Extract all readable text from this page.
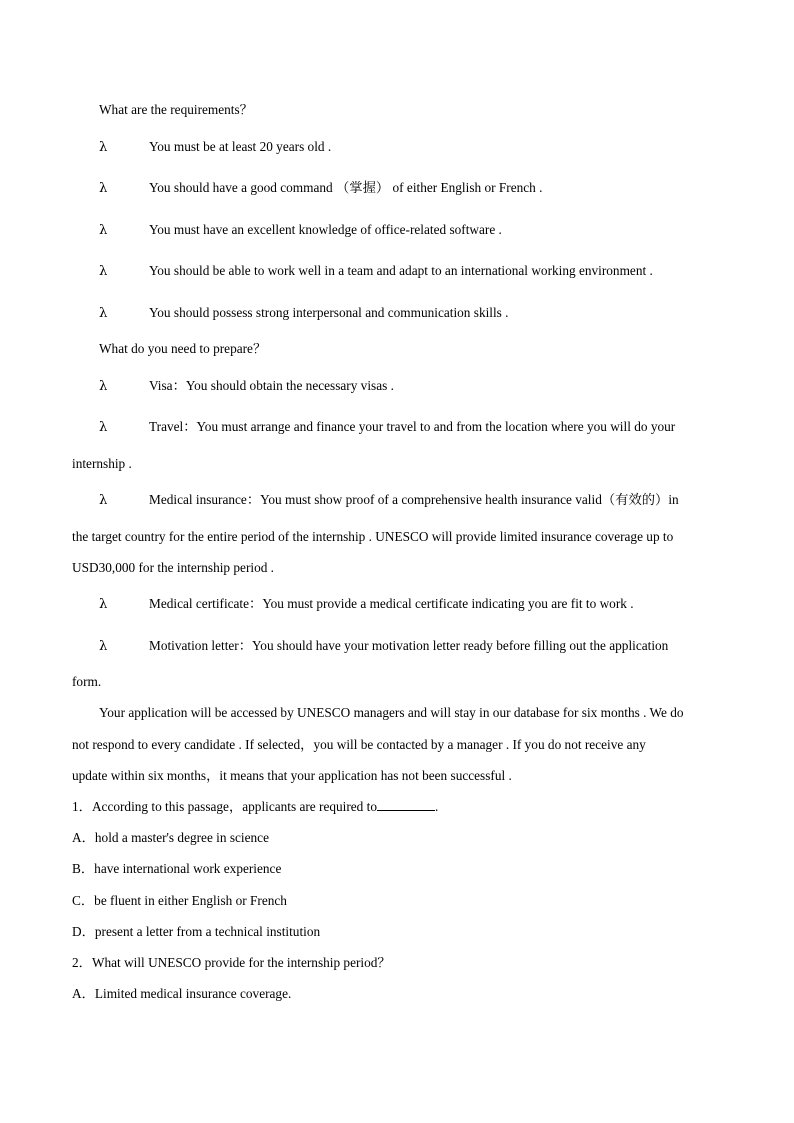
What are the requirements？
λ	You must be at least 20 years old .
λ	You should have a good command （掌握） of either English or French .
λ	You must have an excellent knowledge of office-related software .
λ	You should be able to work well in a team and adapt to an international working environment .
λ	You should possess strong interpersonal and communication skills .
What do you need to prepare？
λ	Visa：You should obtain the necessary visas .
λ	Travel：You must arrange and finance your travel to and from the location where you will do your
internship .
λ	Medical insurance：You must show proof of a comprehensive health insurance valid（有效的）in
the target country for the entire period of the internship . UNESCO will provide limited insurance coverage up to
USD30,000 for the internship period .
λ	Medical certificate：You must provide a medical certificate indicating you are fit to work .
λ	Motivation letter：You should have your motivation letter ready before filling out the application
form.
Your application will be accessed by UNESCO managers and will stay in our database for six months . We do
not respond to every candidate . If selected，you will be contacted by a manager . If you do not receive any
update within six months，it means that your application has not been successful .
1．According to this passage，applicants are required to	.
A．hold a master's degree in science
B．have international work experience
C．be fluent in either English or French
D．present a letter from a technical institution
2．What will UNESCO provide for the internship period？
A．Limited medical insurance coverage.
